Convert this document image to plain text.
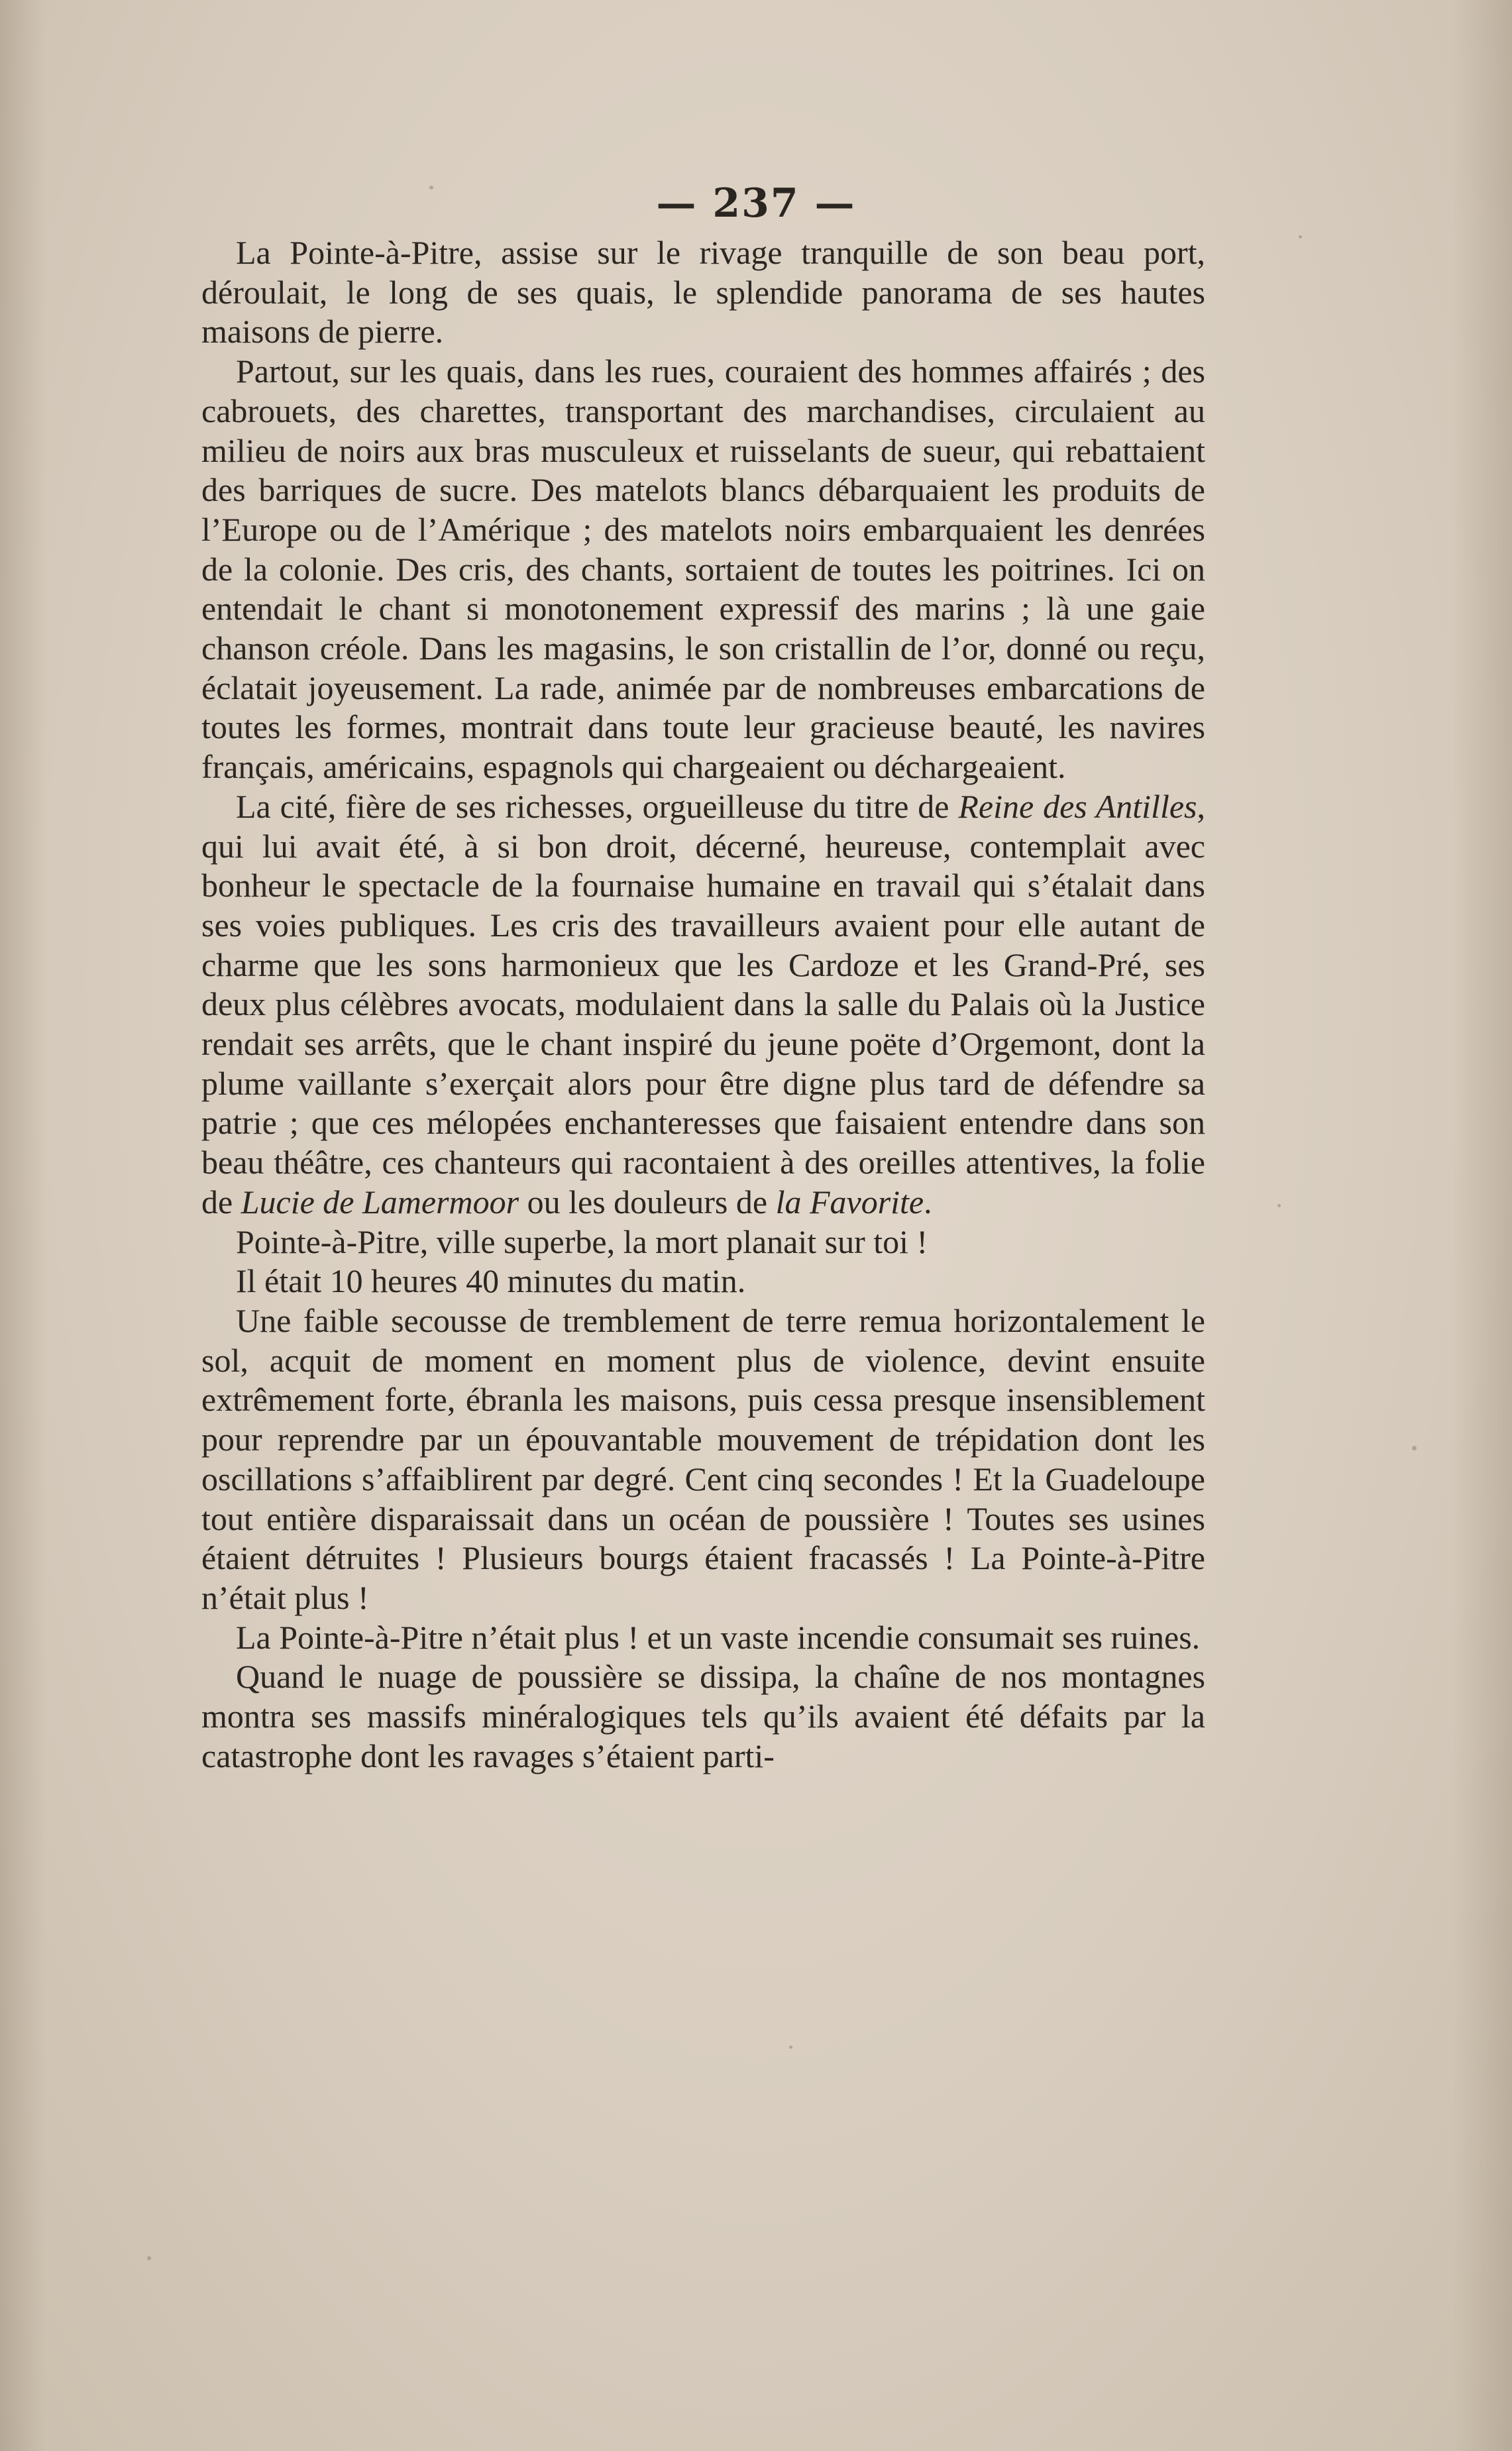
— 237 —

La Pointe-à-Pitre, assise sur le rivage tranquille de son beau port, déroulait, le long de ses quais, le splendide panorama de ses hautes maisons de pierre.

Partout, sur les quais, dans les rues, couraient des hommes affairés ; des cabrouets, des charettes, transportant des marchandises, circulaient au milieu de noirs aux bras musculeux et ruisselants de sueur, qui rebattaient des barriques de sucre. Des matelots blancs débarquaient les produits de l’Europe ou de l’Amérique ; des matelots noirs embarquaient les denrées de la colonie. Des cris, des chants, sortaient de toutes les poitrines. Ici on entendait le chant si monotonement expressif des marins ; là une gaie chanson créole. Dans les magasins, le son cristallin de l’or, donné ou reçu, éclatait joyeusement. La rade, animée par de nombreuses embarcations de toutes les formes, montrait dans toute leur gracieuse beauté, les navires français, américains, espagnols qui chargeaient ou déchargeaient.

La cité, fière de ses richesses, orgueilleuse du titre de Reine des Antilles, qui lui avait été, à si bon droit, décerné, heureuse, contemplait avec bonheur le spectacle de la fournaise humaine en travail qui s’étalait dans ses voies publiques. Les cris des travailleurs avaient pour elle autant de charme que les sons harmonieux que les Cardoze et les Grand-Pré, ses deux plus célèbres avocats, modulaient dans la salle du Palais où la Justice rendait ses arrêts, que le chant inspiré du jeune poëte d’Orgemont, dont la plume vaillante s’exerçait alors pour être digne plus tard de défendre sa patrie ; que ces mélopées enchanteresses que faisaient entendre dans son beau théâtre, ces chanteurs qui racontaient à des oreilles attentives, la folie de Lucie de Lamermoor ou les douleurs de la Favorite.

Pointe-à-Pitre, ville superbe, la mort planait sur toi !

Il était 10 heures 40 minutes du matin.

Une faible secousse de tremblement de terre remua horizontalement le sol, acquit de moment en moment plus de violence, devint ensuite extrêmement forte, ébranla les maisons, puis cessa presque insensiblement pour reprendre par un épouvantable mouvement de trépidation dont les oscillations s’affaiblirent par degré. Cent cinq secondes ! Et la Guadeloupe tout entière disparaissait dans un océan de poussière ! Toutes ses usines étaient détruites ! Plusieurs bourgs étaient fracassés ! La Pointe-à-Pitre n’était plus !

La Pointe-à-Pitre n’était plus ! et un vaste incendie consumait ses ruines.

Quand le nuage de poussière se dissipa, la chaîne de nos montagnes montra ses massifs minéralogiques tels qu’ils avaient été défaits par la catastrophe dont les ravages s’étaient parti-
